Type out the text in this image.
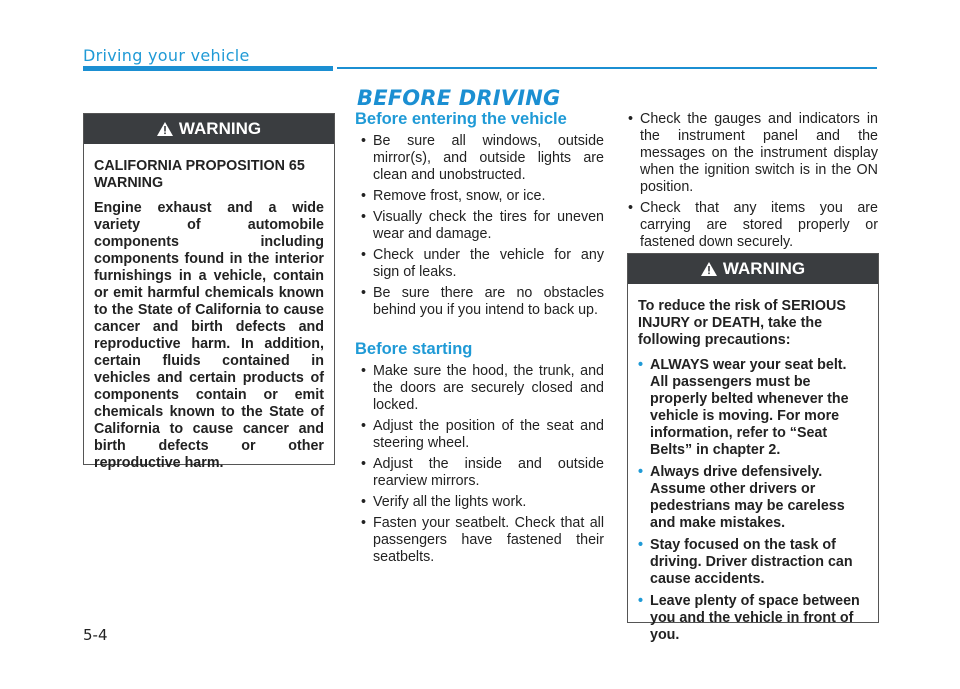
Driving your vehicle
BEFORE DRIVING
WARNING

CALIFORNIA PROPOSITION 65 WARNING

Engine exhaust and a wide variety of automobile components including components found in the interior furnishings in a vehicle, contain or emit harmful chemicals known to the State of California to cause cancer and birth defects and reproductive harm. In addition, certain fluids contained in vehicles and certain products of components contain or emit chemicals known to the State of California to cause cancer and birth defects or other reproductive harm.

Before entering the vehicle
• Be sure all windows, outside mirror(s), and outside lights are clean and unobstructed.
• Remove frost, snow, or ice.
• Visually check the tires for uneven wear and damage.
• Check under the vehicle for any sign of leaks.
• Be sure there are no obstacles behind you if you intend to back up.
Before starting
• Make sure the hood, the trunk, and the doors are securely closed and locked.
• Adjust the position of the seat and steering wheel.
• Adjust the inside and outside rearview mirrors.
• Verify all the lights work.
• Fasten your seatbelt. Check that all passengers have fastened their seatbelts.
• Check the gauges and indicators in the instrument panel and the messages on the instrument display when the ignition switch is in the ON position.
• Check that any items you are carrying are stored properly or fastened down securely.
WARNING

To reduce the risk of SERIOUS INJURY or DEATH, take the following precautions:

• ALWAYS wear your seat belt. All passengers must be properly belted whenever the vehicle is moving. For more information, refer to “Seat Belts” in chapter 2.
• Always drive defensively. Assume other drivers or pedestrians may be careless and make mistakes.
• Stay focused on the task of driving. Driver distraction can cause accidents.
• Leave plenty of space between you and the vehicle in front of you.
5-4
